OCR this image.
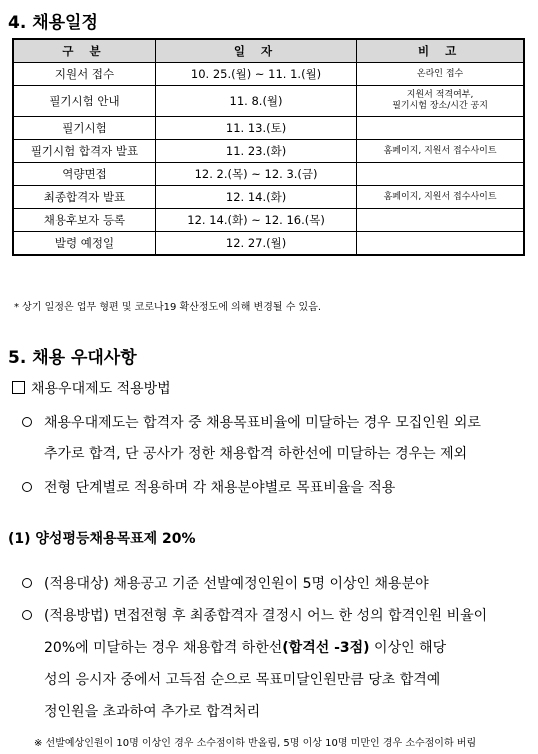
4. 채용일정
구 분	일 자	비 고
지원서 접수	10. 25.(월) ~ 11. 1.(월)	온라인 접수
필기시험 안내	11. 8.(월)	지원서 적격여부,
필기시험 장소/시간 공지
필기시험	11. 13.(토)	
필기시험 합격자 발표	11. 23.(화)	홈페이지, 지원서 접수사이트
역량면접	12. 2.(목) ~ 12. 3.(금)	
최종합격자 발표	12. 14.(화)	홈페이지, 지원서 접수사이트
채용후보자 등록	12. 14.(화) ~ 12. 16.(목)	
발령 예정일	12. 27.(월)	
* 상기 일정은 업무 형편 및 코로나19 확산정도에 의해 변경될 수 있음.
5. 채용 우대사항
채용우대제도 적용방법
채용우대제도는 합격자 중 채용목표비율에 미달하는 경우 모집인원 외로
추가로 합격, 단 공사가 정한 채용합격 하한선에 미달하는 경우는 제외
전형 단계별로 적용하며 각 채용분야별로 목표비율을 적용
(1) 양성평등채용목표제 20%
(적용대상) 채용공고 기준 선발예정인원이 5명 이상인 채용분야
(적용방법) 면접전형 후 최종합격자 결정시 어느 한 성의 합격인원 비율이
20%에 미달하는 경우 채용합격 하한선(합격선 -3점) 이상인 해당
성의 응시자 중에서 고득점 순으로 목표미달인원만큼 당초 합격예
정인원을 초과하여 추가로 합격처리
※ 선발예상인원이 10명 이상인 경우 소수점이하 반올림, 5명 이상 10명 미만인 경우 소수점이하 버림
